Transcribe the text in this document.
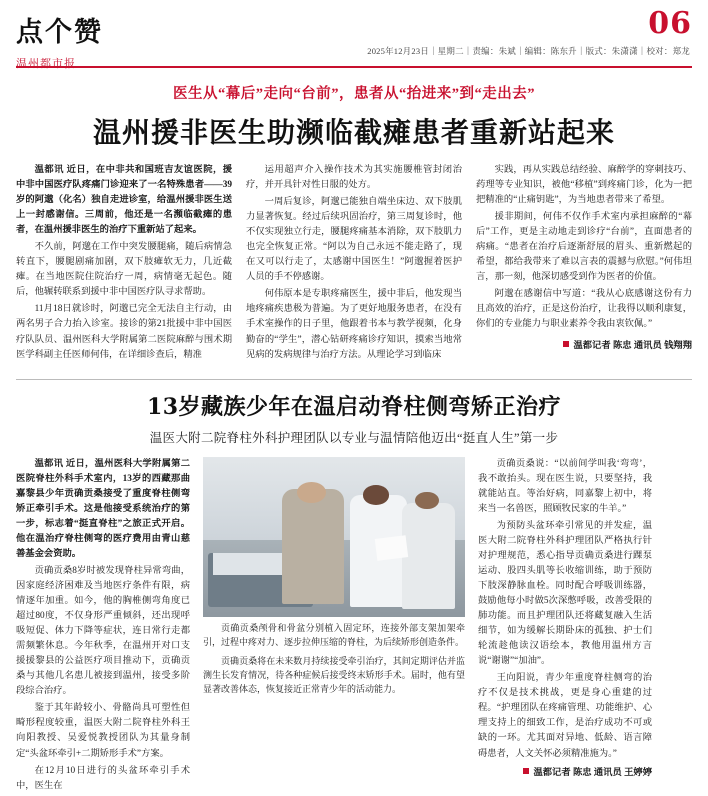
点个赞
温州都市报
06
2025年12月23日｜星期二｜责编：朱斌｜编辑：陈东升｜版式：朱潇潇｜校对：郑龙
医生从“幕后”走向“台前”，患者从“抬进来”到“走出去”
温州援非医生助濒临截瘫患者重新站起来

温都讯 近日，在中非共和国班吉友谊医院，援中非中国医疗队疼痛门诊迎来了一名特殊患者——39岁的阿邈（化名）独自走进诊室，给温州援非医生送上一封感谢信。三周前，他还是一名瀕临截瘫的患者，在温州援非医生的治疗下重新站了起来。

不久前，阿邈在工作中突发腰腿痛，随后病情急转直下，腰腿剧痛加剧，双下肢瘫软无力，几近截瘫。在当地医院住院治疗一周，病情毫无起色。随后，他辗转联系到援中非中国医疗队寻求帮助。

11月18日就诊时，阿邈已完全无法自主行动，由两名男子合力抬入诊室。接诊的第21批援中非中国医疗队队员、温州医科大学附属第二医院麻醉与围术期医学科副主任医师何伟，在详细诊查后，精准

运用超声介入操作技术为其实施腰椎管封闭治疗，并开具针对性日服的处方。

一周后复诊，阿邈已能独自端坐床边、双下肢肌力显著恢复。经过后续巩固治疗，第三周复诊时，他不仅实现独立行走，腰腿疼痛基本消除，双下肢肌力也完全恢复正常。“阿以为自己永远不能走路了，现在又可以行走了，太感谢中国医生！”阿邈握着医护人员的手不停感谢。

何伟原本是专职疼痛医生，援中非后，他发现当地疼痛疾患极为普遍。为了更好地服务患者，在没有手术室操作的日子里，他跟着书本与教学视频，化身勤奋的“学生”，潜心钻研疼痛诊疗知识，摸索当地常见病的发病规律与治疗方法。从理论学习到临床

实践，再从实践总结经验、麻醉学的穿刺技巧、药理等专业知识，被他“移植”到疼痛门诊，化为一把把精准的“止痛钥匙”，为当地患者带来了希望。

援非期间，何伟不仅作手术室内承担麻醉的“幕后”工作，更是主动地走到诊疗“台前”，直面患者的病痛。“患者在治疗后逐渐舒展的眉头、重新燃起的希望，都给我带来了难以言表的震撼与欣慰。”何伟坦言，那一刻，他深切感受到作为医者的价值。

阿邈在感谢信中写道：“我从心底感谢这份有力且高效的治疗，正是这份治疗，让我得以顺利康复，你们的专业能力与职业素养令我由衷钦佩。”

温都记者 陈忠 通讯员 钱翔翔
13岁藏族少年在温启动脊柱侧弯矫正治疗
温医大附二院脊柱外科护理团队以专业与温情陪他迈出“挺直人生”第一步

温都讯 近日，温州医科大学附属第二医院脊柱外科手术室内，13岁的西藏那曲嘉黎县少年贡确贡桑接受了重度脊柱侧弯矫正牵引手术。这是他接受系统治疗的第一步，标志着“挺直脊柱”之旅正式开启。他在温治疗脊柱侧弯的医疗费用由青山慈善基金会资助。

贡确贡桑8岁时被发现脊柱异常弯曲，因家庭经济困难及当地医疗条件有限，病情逐年加重。如今，他的胸椎侧弯角度已超过80度，不仅身形严重倾斜，还出现呼吸短促、体力下降等症状，连日常行走都需频繁休息。今年秋季，在温州开对口支援援黎县的公益医疗项目推动下，贡确贡桑与其他几名患儿被接到温州，接受多阶段综合治疗。

鉴于其年龄较小、骨骼尚具可塑性但畸形程度较重，温医大附二院脊柱外科王向阳教授、吴爱悦教授团队为其量身制定“头盆环牵引+二期矫形手术”方案。

在12月10日进行的头盆环牵引手术中，医生在

贡确贡桑颅骨和骨盆分别植入固定环，连接外部支架加架牵引，过程中疼对力、逐步拉伸压缩的脊柱，为后续矫形创造条件。

贡确贡桑将在未来数月持续接受牵引治疗，其间定期评估并监测生长发育情况，待各种症候后接受终末矫形手术。届时，他有望显著改善体态，恢复接近正常青少年的活动能力。

贡确贡桑说：“以前间学叫我‘弯弯’，我不敢抬头。现在医生说，只要坚持，我就能站直。等治好病，同嘉黎上初中，将来当一名兽医，照顾牧民家的牛羊。”

为预防头盆环牵引常见的并发症，温医大附二院脊柱外科护理团队严格执行针对护理规范，悉心指导贡确贡桑进行踝泵运动、股四头肌等长收缩训练，助于预防下肢深静脉血栓。同时配合呼吸训练器，鼓励他每小时做5次深憋呼吸，改善受限的肺功能。而且护理团队还将藏复融入生活细节，如为缓解长期卧床的孤独、护士们轮流趁他读汉语绘本，教他用温州方言说“谢谢”“加油”。

王向阳说，青少年重度脊柱侧弯的治疗不仅是技术挑战，更是身心重建的过程。“护理团队在疼痛管理、功能维护、心理支持上的细致工作，是治疗成功不可或缺的一环。尤其面对异地、低龄、语言障碍患者，人文关怀必须精准施为。”

温都记者 陈忠 通讯员 王婷婷
